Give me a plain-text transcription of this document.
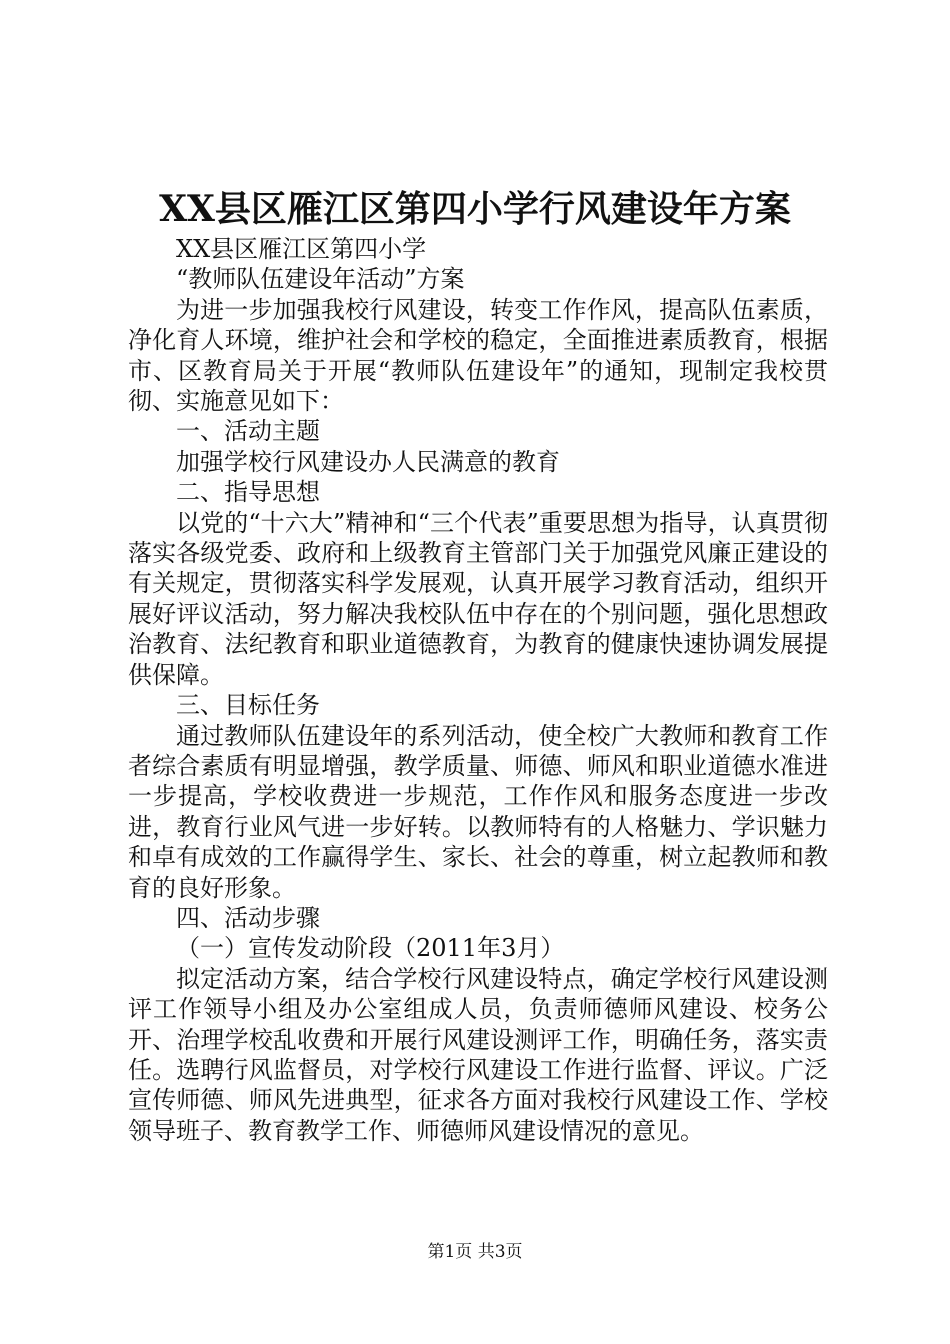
XX县区雁江区第四小学行风建设年方案

XX县区雁江区第四小学

“教师队伍建设年活动”方案

为进一步加强我校行风建设，转变工作作风，提高队伍素质，净化育人环境，维护社会和学校的稳定，全面推进素质教育，根据市、区教育局关于开展“教师队伍建设年”的通知，现制定我校贯彻、实施意见如下：

一、活动主题

加强学校行风建设办人民满意的教育

二、指导思想

以党的“十六大”精神和“三个代表”重要思想为指导，认真贯彻落实各级党委、政府和上级教育主管部门关于加强党风廉正建设的有关规定，贯彻落实科学发展观，认真开展学习教育活动，组织开展好评议活动，努力解决我校队伍中存在的个别问题，强化思想政治教育、法纪教育和职业道德教育，为教育的健康快速协调发展提供保障。

三、目标任务

通过教师队伍建设年的系列活动，使全校广大教师和教育工作者综合素质有明显增强，教学质量、师德、师风和职业道德水准进一步提高，学校收费进一步规范，工作作风和服务态度进一步改进，教育行业风气进一步好转。以教师特有的人格魅力、学识魅力和卓有成效的工作赢得学生、家长、社会的尊重，树立起教师和教育的良好形象。

四、活动步骤

（一）宣传发动阶段（2011年3月）

拟定活动方案，结合学校行风建设特点，确定学校行风建设测评工作领导小组及办公室组成人员，负责师德师风建设、校务公开、治理学校乱收费和开展行风建设测评工作，明确任务，落实责任。选聘行风监督员，对学校行风建设工作进行监督、评议。广泛宣传师德、师风先进典型，征求各方面对我校行风建设工作、学校领导班子、教育教学工作、师德师风建设情况的意见。

第1页 共3页
